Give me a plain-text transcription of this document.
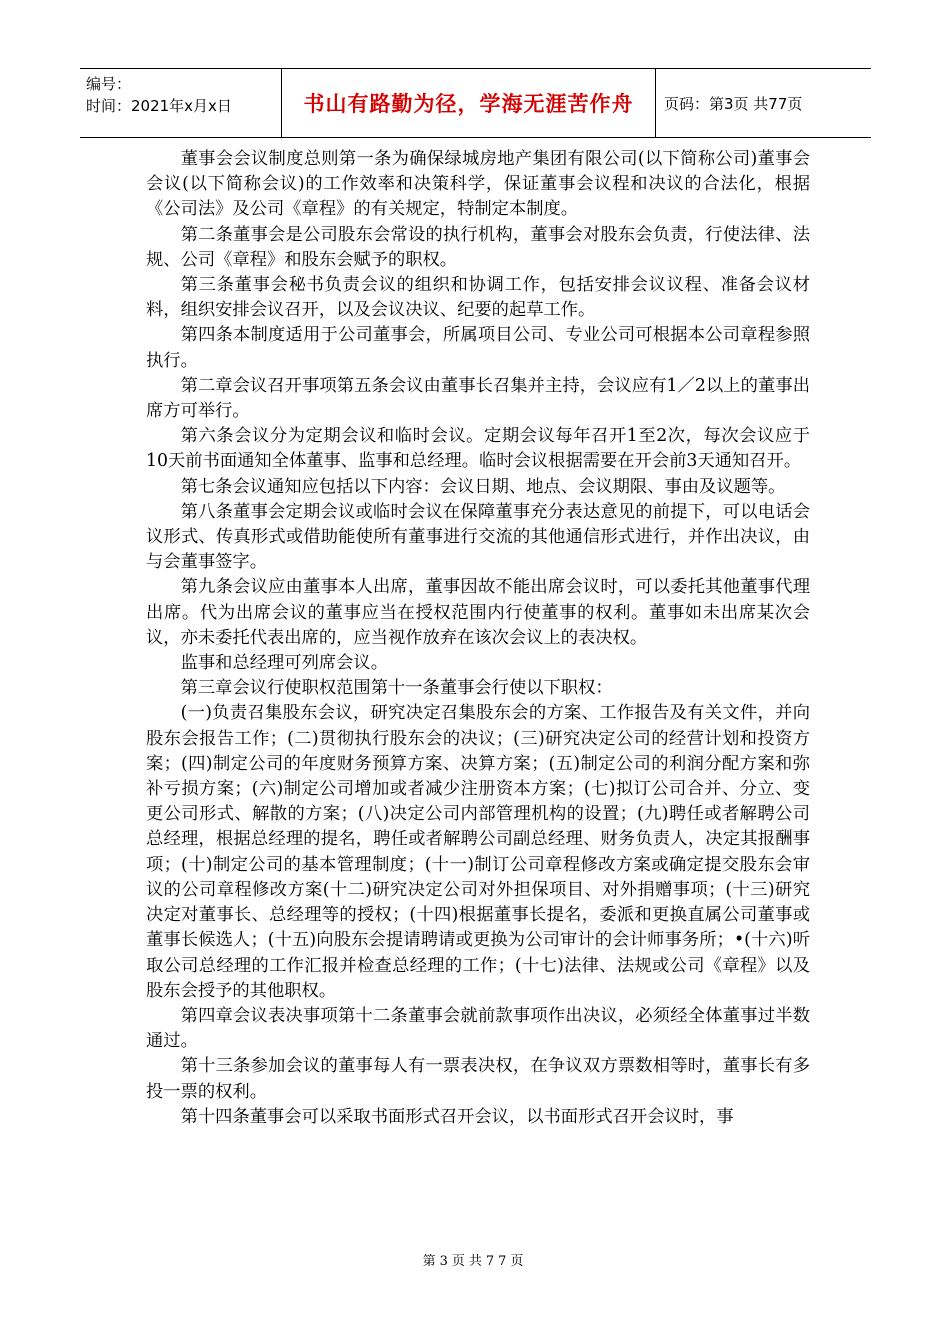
编号：
时间：2021年x月x日	书山有路勤为径，学海无涯苦作舟	页码：第3页 共77页

董事会会议制度总则第一条为确保绿城房地产集团有限公司(以下简称公司)董事会会议(以下简称会议)的工作效率和决策科学，保证董事会议程和决议的合法化，根据《公司法》及公司《章程》的有关规定，特制定本制度。

第二条董事会是公司股东会常设的执行机构，董事会对股东会负责，行使法律、法规、公司《章程》和股东会赋予的职权。

第三条董事会秘书负责会议的组织和协调工作，包括安排会议议程、准备会议材料，组织安排会议召开，以及会议决议、纪要的起草工作。

第四条本制度适用于公司董事会，所属项目公司、专业公司可根据本公司章程参照执行。

第二章会议召开事项第五条会议由董事长召集并主持，会议应有1／2以上的董事出席方可举行。

第六条会议分为定期会议和临时会议。定期会议每年召开1至2次，每次会议应于10天前书面通知全体董事、监事和总经理。临时会议根据需要在开会前3天通知召开。

第七条会议通知应包括以下内容：会议日期、地点、会议期限、事由及议题等。

第八条董事会定期会议或临时会议在保障董事充分表达意见的前提下，可以电话会议形式、传真形式或借助能使所有董事进行交流的其他通信形式进行，并作出决议，由与会董事签字。

第九条会议应由董事本人出席，董事因故不能出席会议时，可以委托其他董事代理出席。代为出席会议的董事应当在授权范围内行使董事的权利。董事如未出席某次会议，亦未委托代表出席的，应当视作放弃在该次会议上的表决权。

监事和总经理可列席会议。

第三章会议行使职权范围第十一条董事会行使以下职权：

(一)负责召集股东会议，研究决定召集股东会的方案、工作报告及有关文件，并向股东会报告工作；(二)贯彻执行股东会的决议；(三)研究决定公司的经营计划和投资方案；(四)制定公司的年度财务预算方案、决算方案；(五)制定公司的利润分配方案和弥补亏损方案；(六)制定公司增加或者减少注册资本方案；(七)拟订公司合并、分立、变更公司形式、解散的方案；(八)决定公司内部管理机构的设置；(九)聘任或者解聘公司总经理，根据总经理的提名，聘任或者解聘公司副总经理、财务负责人，决定其报酬事项；(十)制定公司的基本管理制度；(十一)制订公司章程修改方案或确定提交股东会审议的公司章程修改方案(十二)研究决定公司对外担保项目、对外捐赠事项；(十三)研究决定对董事长、总经理等的授权；(十四)根据董事长提名，委派和更换直属公司董事或董事长候选人；(十五)向股东会提请聘请或更换为公司审计的会计师事务所；•(十六)听取公司总经理的工作汇报并检查总经理的工作；(十七)法律、法规或公司《章程》以及股东会授予的其他职权。

第四章会议表决事项第十二条董事会就前款事项作出决议，必须经全体董事过半数通过。

第十三条参加会议的董事每人有一票表决权，在争议双方票数相等时，董事长有多投一票的权利。

第十四条董事会可以采取书面形式召开会议，以书面形式召开会议时，事

第3页共77页
